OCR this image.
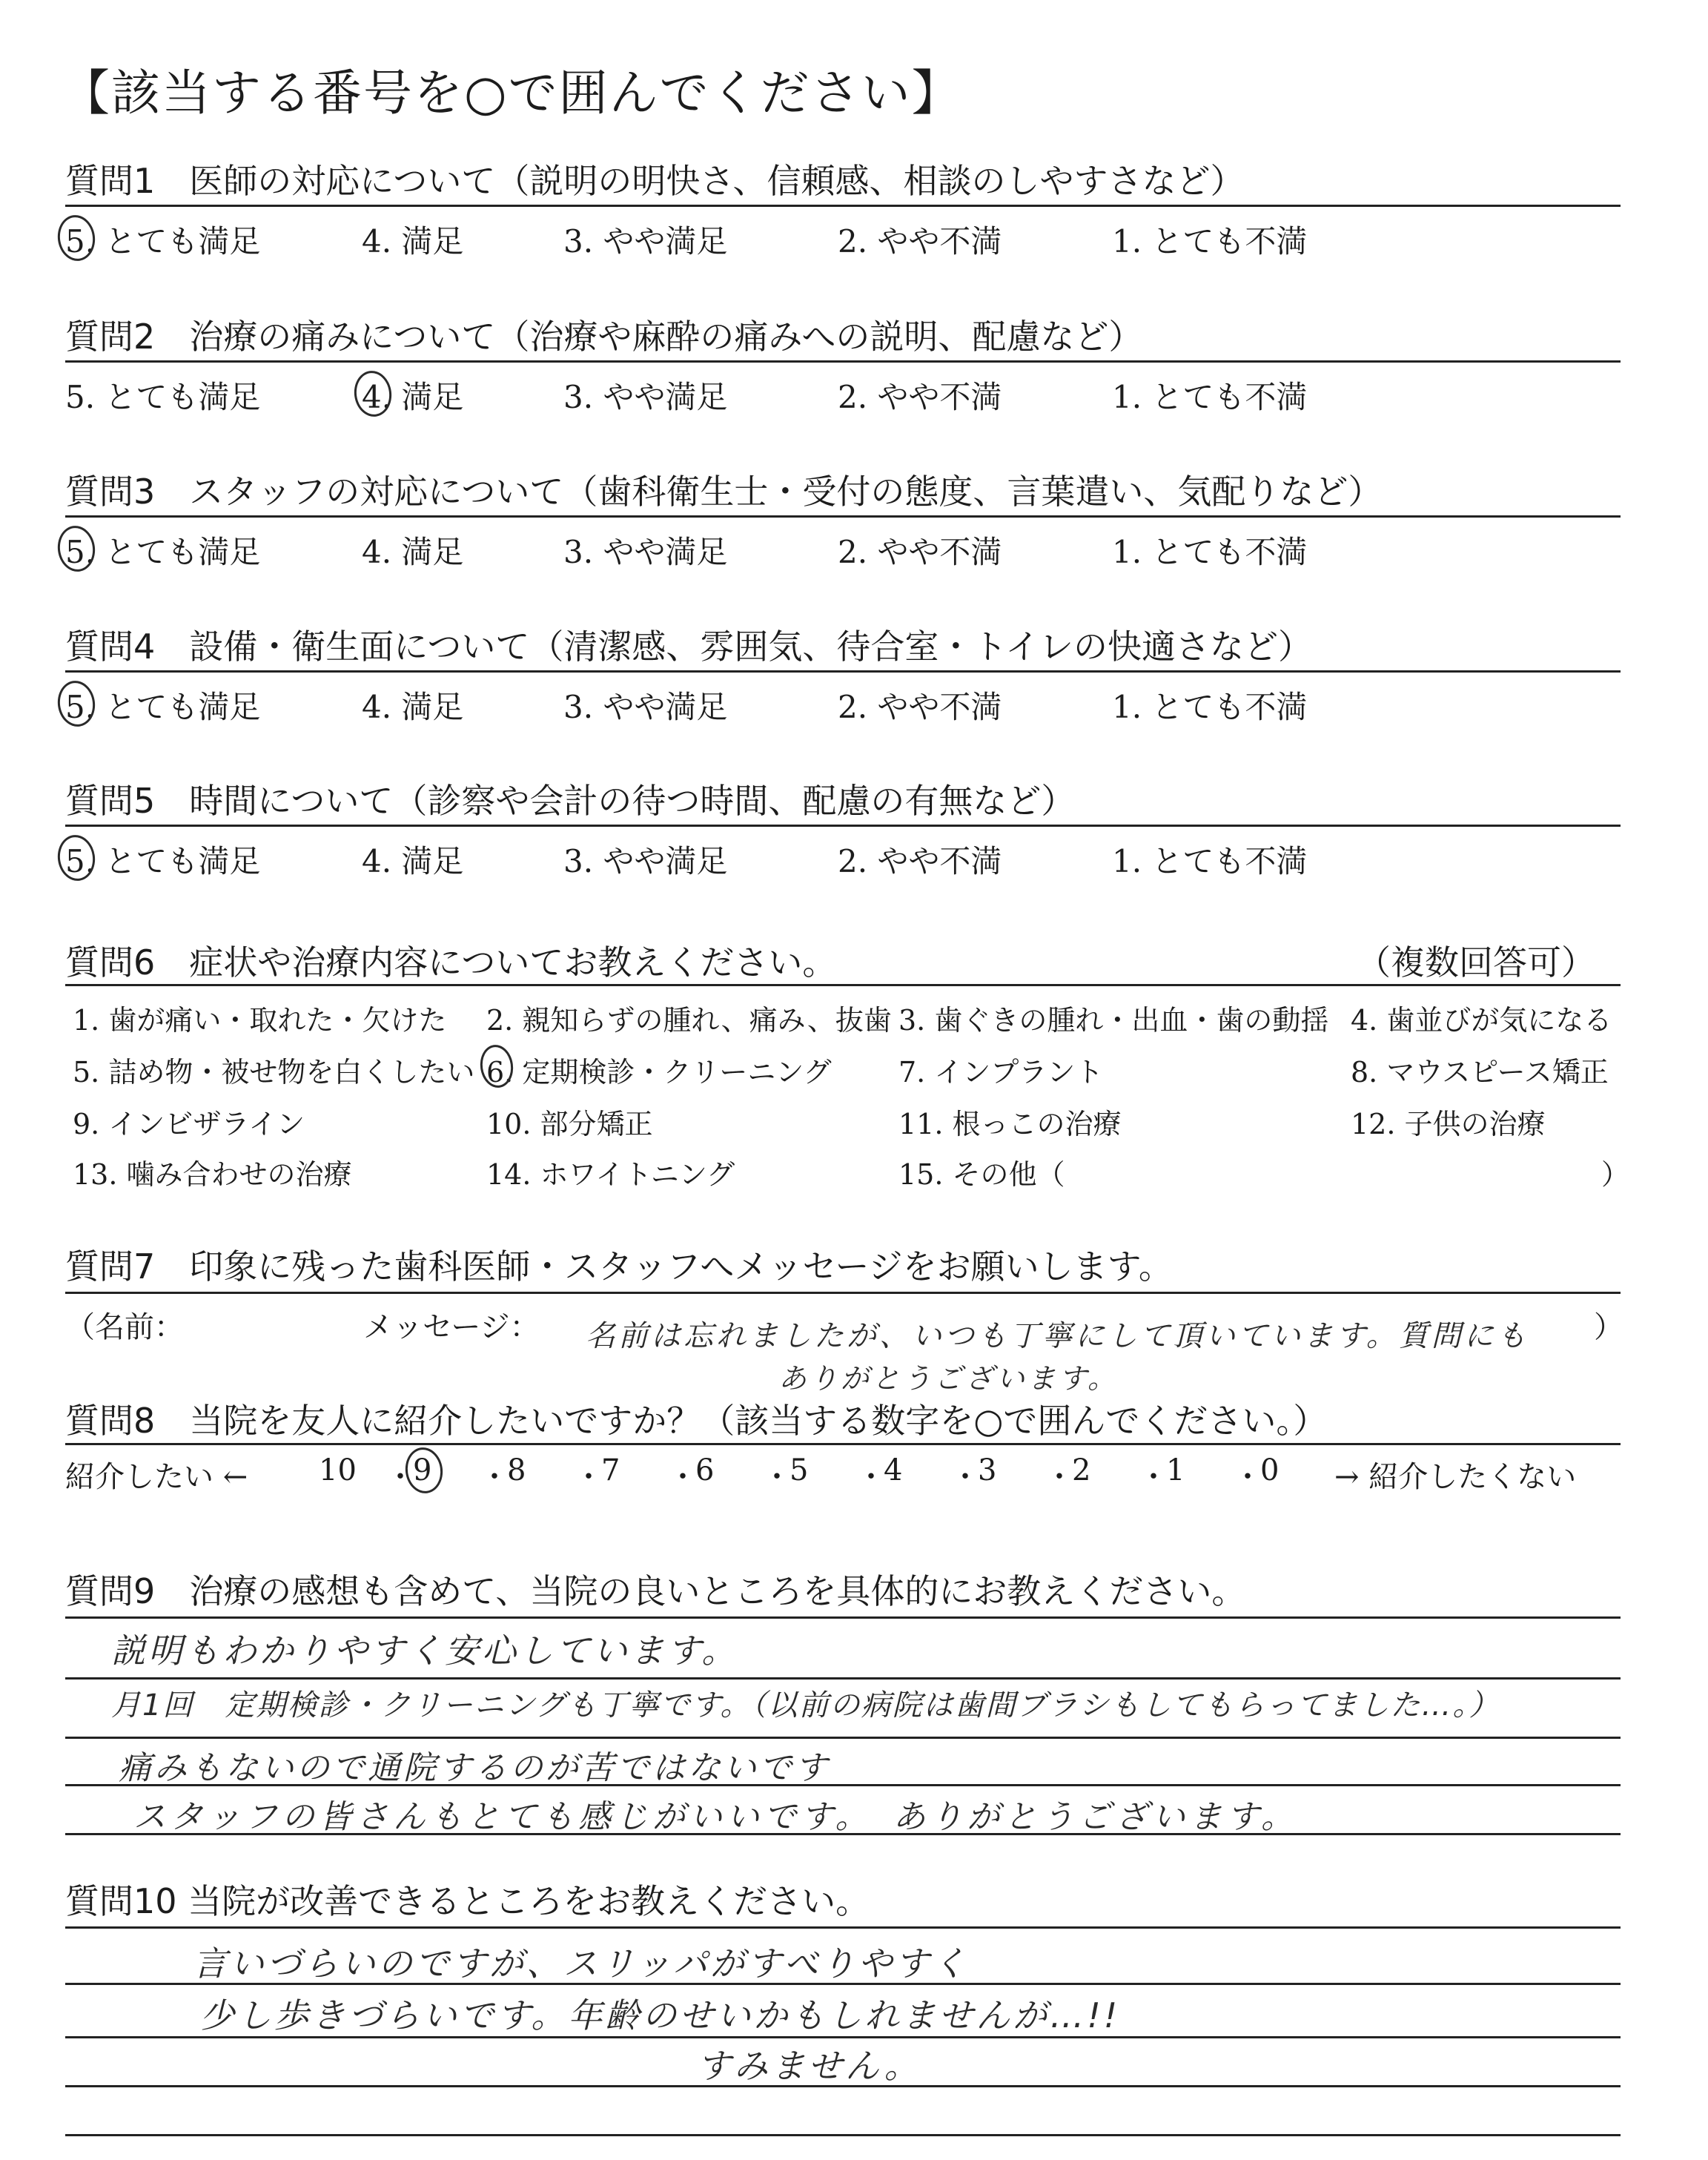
【該当する番号を○で囲んでください】
質問1　医師の対応について（説明の明快さ、信頼感、相談のしやすさなど）
5. とても満足	4. 満足	3. やや満足	2. やや不満	1. とても不満
質問2　治療の痛みについて（治療や麻酔の痛みへの説明、配慮など）
5. とても満足	4. 満足	3. やや満足	2. やや不満	1. とても不満
質問3　スタッフの対応について（歯科衛生士・受付の態度、言葉遣い、気配りなど）
5. とても満足	4. 満足	3. やや満足	2. やや不満	1. とても不満
質問4　設備・衛生面について（清潔感、雰囲気、待合室・トイレの快適さなど）
5. とても満足	4. 満足	3. やや満足	2. やや不満	1. とても不満
質問5　時間について（診察や会計の待つ時間、配慮の有無など）
5. とても満足	4. 満足	3. やや満足	2. やや不満	1. とても不満
質問6　症状や治療内容についてお教えください。	（複数回答可）
1. 歯が痛い・取れた・欠けた 2. 親知らずの腫れ、痛み、抜歯 3. 歯ぐきの腫れ・出血・歯の動揺 4. 歯並びが気になる
5. 詰め物・被せ物を白くしたい 6. 定期検診・クリーニング 7. インプラント	8. マウスピース矯正
9. インビザライン	10. 部分矯正	11. 根っこの治療	12. 子供の治療
13. 噛み合わせの治療	14. ホワイトニング	15. その他（	）
質問7　印象に残った歯科医師・スタッフへメッセージをお願いします。
（名前：	メッセージ：	）
名前は忘れましたが、いつも丁寧にして頂いています。質問にも
ありがとうございます。
質問8　当院を友人に紹介したいですか？（該当する数字を○で囲んでください。）
紹介したい ←	→ 紹介したくない
10 ・
9 ・
8 ・
7 ・
6 ・
5 ・
4 ・
3 ・
2 ・
1 ・
0
質問9　治療の感想も含めて、当院の良いところを具体的にお教えください。
説明もわかりやすく安心しています。
月1回　定期検診・クリーニングも丁寧です。（以前の病院は歯間ブラシもしてもらってました…。）
痛みもないので通院するのが苦ではないです
スタッフの皆さんもとても感じがいいです。　ありがとうございます。
質問10 当院が改善できるところをお教えください。
言いづらいのですが、スリッパがすべりやすく
少し歩きづらいです。年齢のせいかもしれませんが…!!
すみません。
